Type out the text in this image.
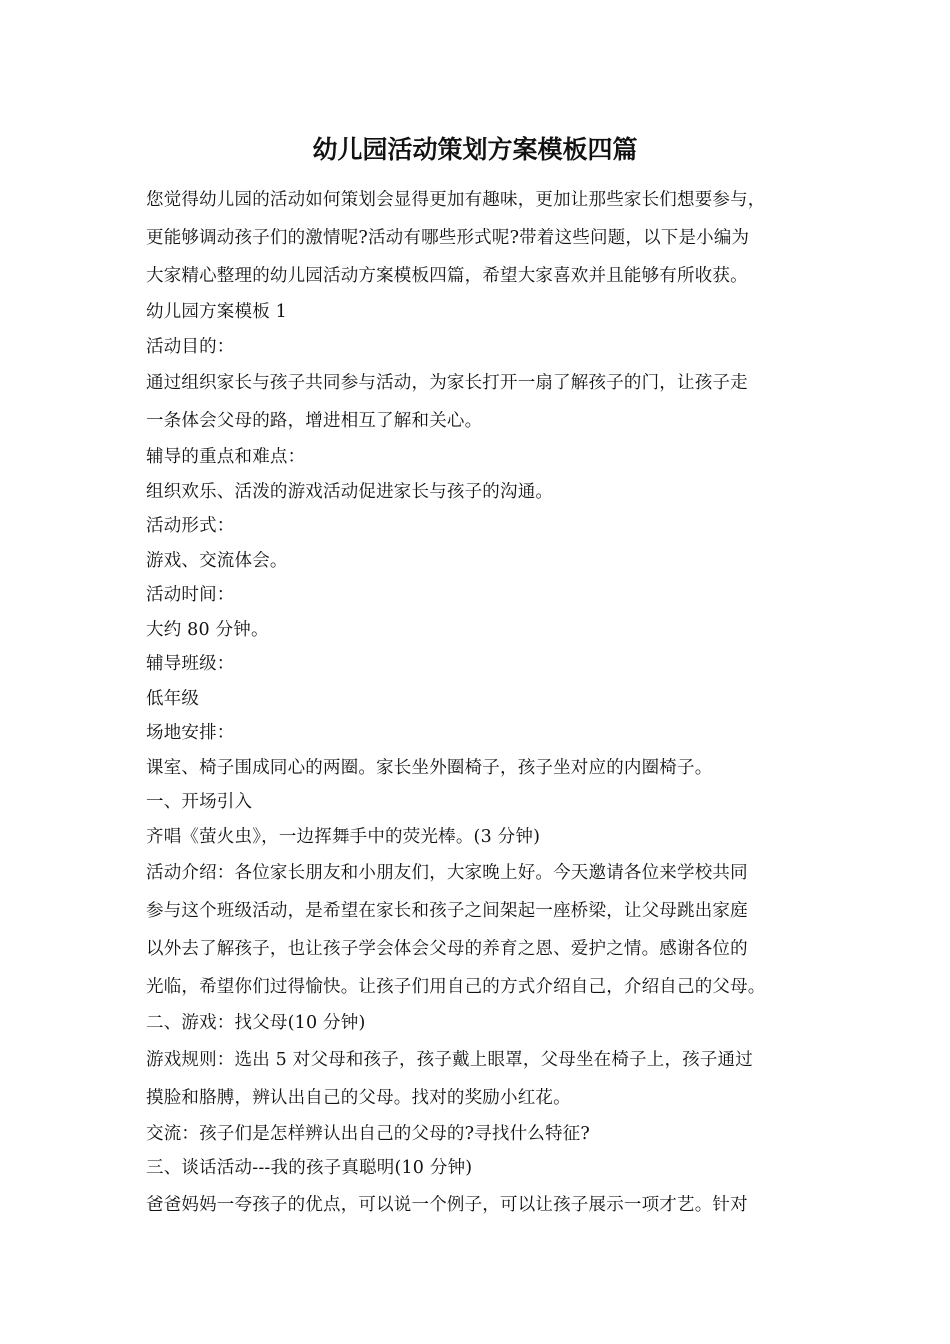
幼儿园活动策划方案模板四篇
您觉得幼儿园的活动如何策划会显得更加有趣味，更加让那些家长们想要参与，
更能够调动孩子们的激情呢?活动有哪些形式呢?带着这些问题，以下是小编为
大家精心整理的幼儿园活动方案模板四篇，希望大家喜欢并且能够有所收获。
幼儿园方案模板 1
活动目的：
通过组织家长与孩子共同参与活动，为家长打开一扇了解孩子的门，让孩子走
一条体会父母的路，增进相互了解和关心。
辅导的重点和难点：
组织欢乐、活泼的游戏活动促进家长与孩子的沟通。
活动形式：
游戏、交流体会。
活动时间：
大约 80 分钟。
辅导班级：
低年级
场地安排：
课室、椅子围成同心的两圈。家长坐外圈椅子，孩子坐对应的内圈椅子。
一、开场引入
齐唱《萤火虫》，一边挥舞手中的荧光棒。(3 分钟)
活动介绍：各位家长朋友和小朋友们，大家晚上好。今天邀请各位来学校共同
参与这个班级活动，是希望在家长和孩子之间架起一座桥梁，让父母跳出家庭
以外去了解孩子，也让孩子学会体会父母的养育之恩、爱护之情。感谢各位的
光临，希望你们过得愉快。让孩子们用自己的方式介绍自己，介绍自己的父母。
二、游戏：找父母(10 分钟)
游戏规则：选出 5 对父母和孩子，孩子戴上眼罩，父母坐在椅子上，孩子通过
摸脸和胳膊，辨认出自己的父母。找对的奖励小红花。
交流：孩子们是怎样辨认出自己的父母的?寻找什么特征?
三、谈话活动---我的孩子真聪明(10 分钟)
爸爸妈妈一夸孩子的优点，可以说一个例子，可以让孩子展示一项才艺。针对
